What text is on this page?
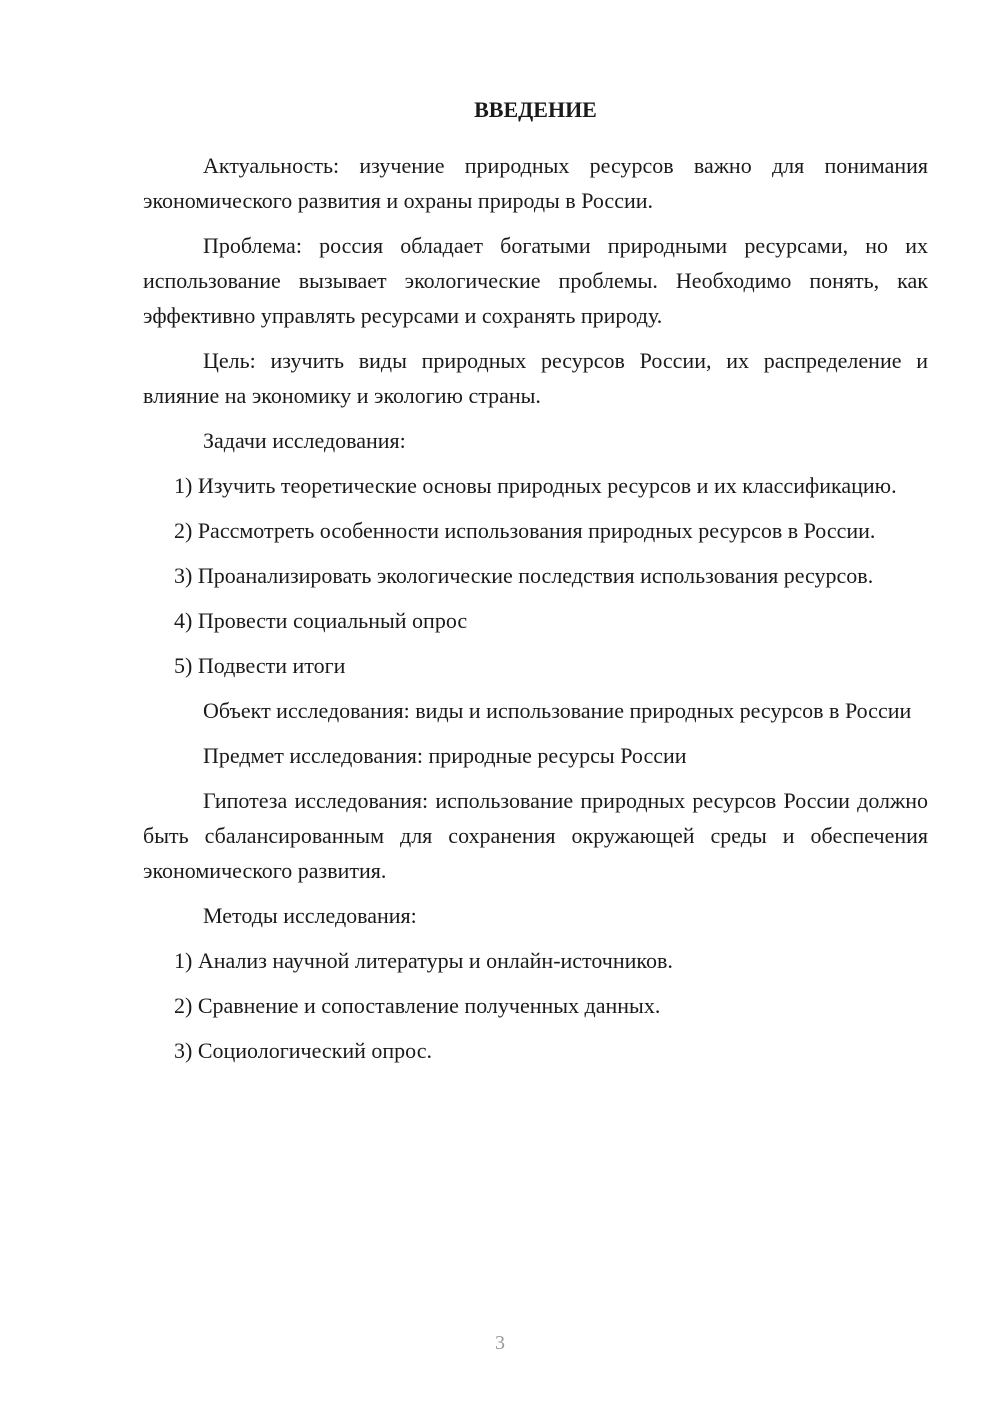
ВВЕДЕНИЕ

Актуальность: изучение природных ресурсов важно для понимания экономического развития и охраны природы в России.

Проблема: россия обладает богатыми природными ресурсами, но их использование вызывает экологические проблемы. Необходимо понять, как эффективно управлять ресурсами и сохранять природу.

Цель: изучить виды природных ресурсов России, их распределение и влияние на экономику и экологию страны.

Задачи исследования:

1) Изучить теоретические основы природных ресурсов и их классификацию.

2) Рассмотреть особенности использования природных ресурсов в России.

3) Проанализировать экологические последствия использования ресурсов.

4) Провести социальный опрос

5) Подвести итоги

Объект исследования: виды и использование природных ресурсов в России

Предмет исследования: природные ресурсы России

Гипотеза исследования: использование природных ресурсов России должно быть сбалансированным для сохранения окружающей среды и обеспечения экономического развития.

Методы исследования:

1) Анализ научной литературы и онлайн-источников.

2) Сравнение и сопоставление полученных данных.

3) Социологический опрос.

3
